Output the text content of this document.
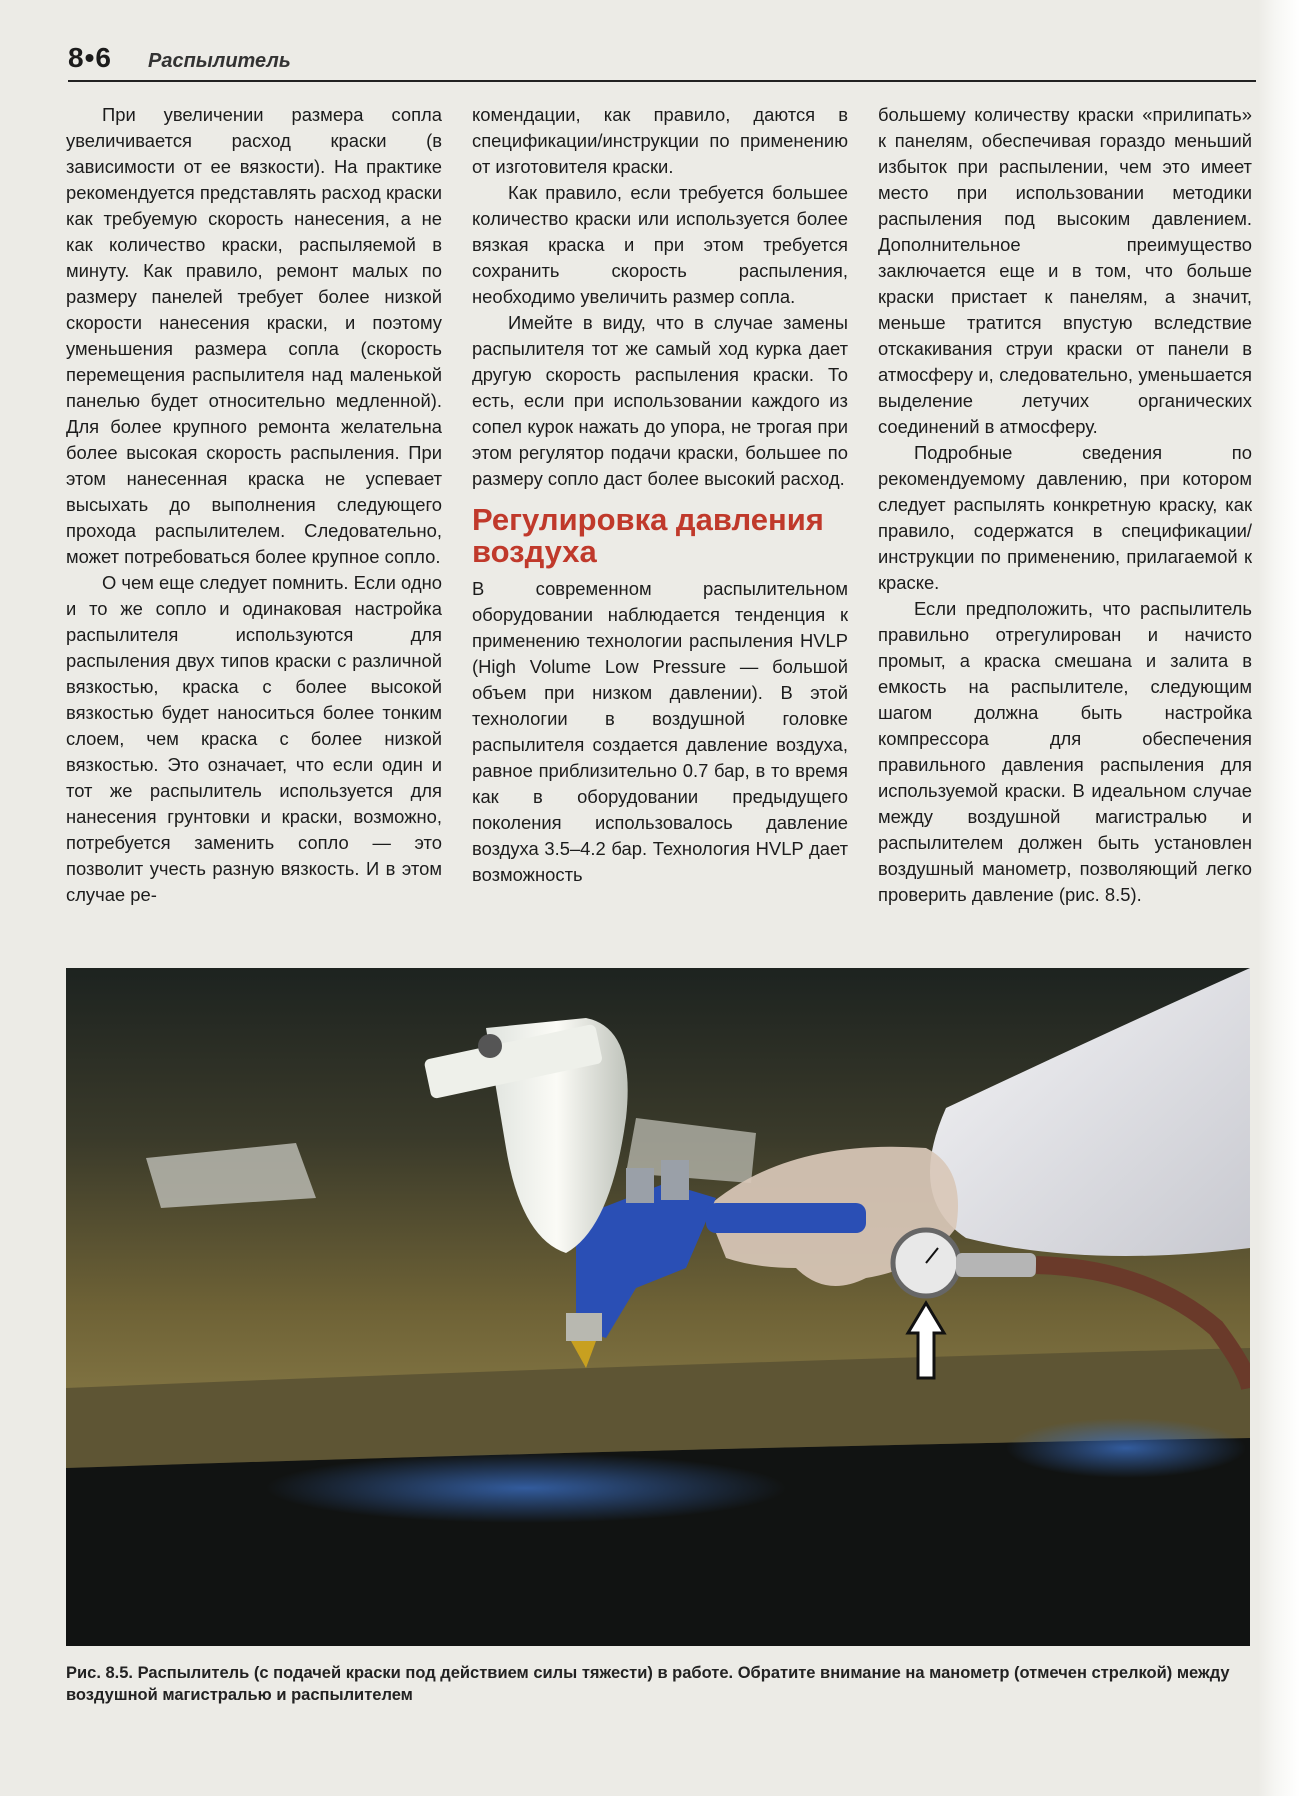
8•6 Распылитель

При увеличении размера сопла увеличивается расход краски (в зависимости от ее вязкости). На практике рекомендуется представлять расход краски как требуемую скорость нанесения, а не как количество краски, распыляемой в минуту. Как правило, ремонт малых по размеру панелей требует более низкой скорости нанесения краски, и поэтому уменьшения размера сопла (скорость перемещения распылителя над маленькой панелью будет относительно медленной). Для более крупного ремонта желательна более высокая скорость распыления. При этом нанесенная краска не успевает высыхать до выполнения следующего прохода распылителем. Следовательно, может потребоваться более крупное сопло.

О чем еще следует помнить. Если одно и то же сопло и одинаковая настройка распылителя используются для распыления двух типов краски с различной вязкостью, краска с более высокой вязкостью будет наноситься более тонким слоем, чем краска с более низкой вязкостью. Это означает, что если один и тот же распылитель используется для нанесения грунтовки и краски, возможно, потребуется заменить сопло — это позволит учесть разную вязкость. И в этом случае ре-

комендации, как правило, даются в спецификации/инструкции по применению от изготовителя краски.

Как правило, если требуется большее количество краски или используется более вязкая краска и при этом требуется сохранить скорость распыления, необходимо увеличить размер сопла.

Имейте в виду, что в случае замены распылителя тот же самый ход курка дает другую скорость распыления краски. То есть, если при использовании каждого из сопел курок нажать до упора, не трогая при этом регулятор подачи краски, большее по размеру сопло даст более высокий расход.

Регулировка давления воздуха

В современном распылительном оборудовании наблюдается тенденция к применению технологии распыления HVLP (High Volume Low Pressure — большой объем при низком давлении). В этой технологии в воздушной головке распылителя создается давление воздуха, равное приблизительно 0.7 бар, в то время как в оборудовании предыдущего поколения использовалось давление воздуха 3.5–4.2 бар. Технология HVLP дает возможность

большему количеству краски «прилипать» к панелям, обеспечивая гораздо меньший избыток при распылении, чем это имеет место при использовании методики распыления под высоким давлением. Дополнительное преимущество заключается еще и в том, что больше краски пристает к панелям, а значит, меньше тратится впустую вследствие отскакивания струи краски от панели в атмосферу и, следовательно, уменьшается выделение летучих органических соединений в атмосферу.

Подробные сведения по рекомендуемому давлению, при котором следует распылять конкретную краску, как правило, содержатся в спецификации/инструкции по применению, прилагаемой к краске.

Если предположить, что распылитель правильно отрегулирован и начисто промыт, а краска смешана и залита в емкость на распылителе, следующим шагом должна быть настройка компрессора для обеспечения правильного давления распыления для используемой краски. В идеальном случае между воздушной магистралью и распылителем должен быть установлен воздушный манометр, позволяющий легко проверить давление (рис. 8.5).

Рис. 8.5. Распылитель (с подачей краски под действием силы тяжести) в работе. Обратите внимание на манометр (отмечен стрелкой) между воздушной магистралью и распылителем
